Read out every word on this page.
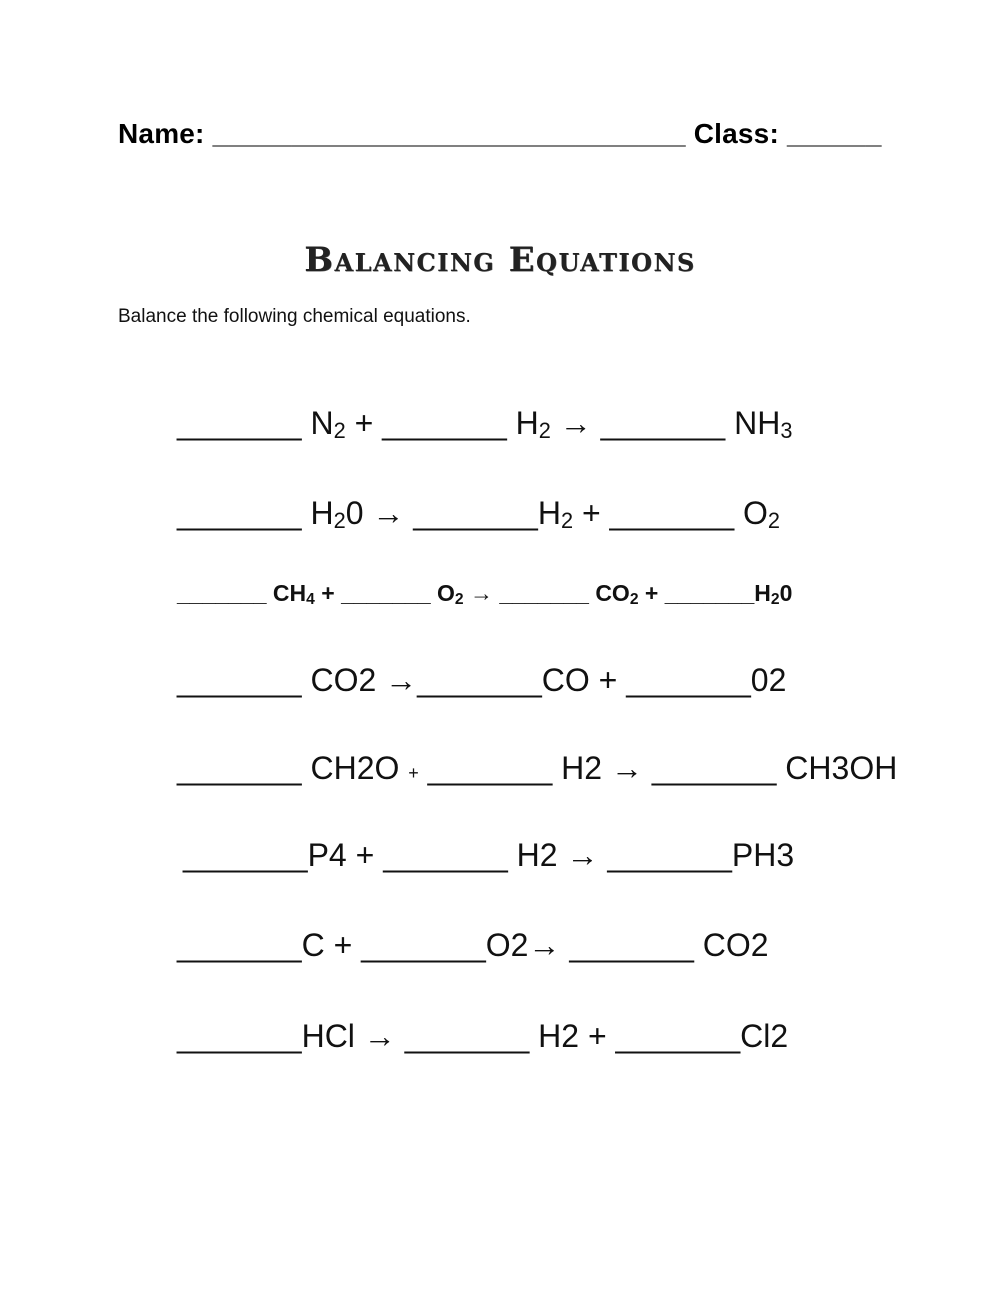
Name: ______________________________ Class: ______
Balancing Equations
Balance the following chemical equations.
_______ $N_2$ + _______ $H_2$ → _______ $NH_3$
_______ $H_20$ → $\_\_\_\_\_\_\_H_2$ + _______ $O_2$
_______ $CH_4$ + _______ $O_2$ → _______ $CO_2$ + $\_\_\_\_\_\_\_H_20$
_______ CO2 →_______CO + _______02
_______ CH2O + _______ H2 → _______ CH3OH
_______P4 + _______ H2 → _______PH3
_______C + _______O2→ _______ CO2
_______HCl → _______ H2 + _______Cl2
